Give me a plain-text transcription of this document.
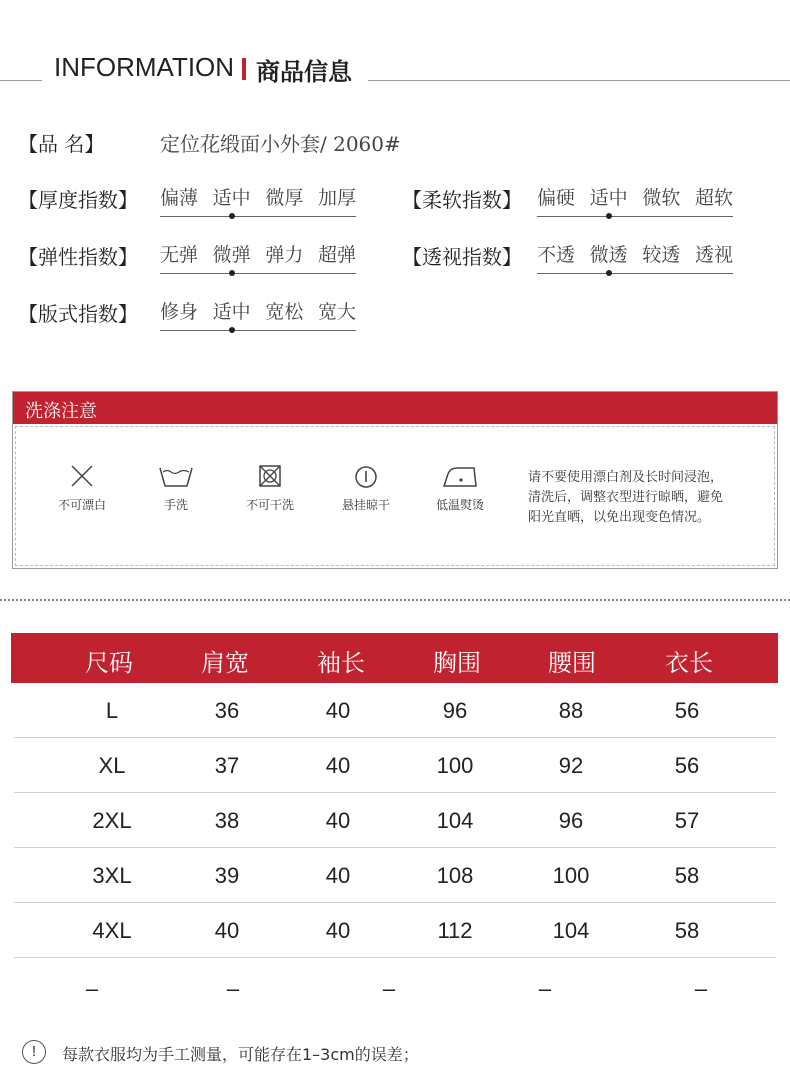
INFORMATION 商品信息
【品 名】	定位花缎面小外套/ 2060#
【厚度指数】 偏薄 适中 微厚 加厚 【柔软指数】 偏硬 适中 微软 超软
【弹性指数】 无弹 微弹 弹力 超弹 【透视指数】 不透 微透 较透 透视
【版式指数】 修身 适中 宽松 宽大
洗涤注意
不可漂白	手洗	不可干洗	悬挂晾干	低温熨烫
请不要使用漂白剂及长时间浸泡，
清洗后，调整衣型进行晾晒，避免
阳光直晒，以免出现变色情况。
尺码	肩宽	袖长	胸围	腰围	衣长
L	36	40	96	88	56
XL	37	40	100	92	56
2XL	38	40	104	96	57
3XL	39	40	108	100	58
4XL	40	40	112	104	58
–	–	–	–	–
!	每款衣服均为手工测量，可能存在1–3cm的误差；
